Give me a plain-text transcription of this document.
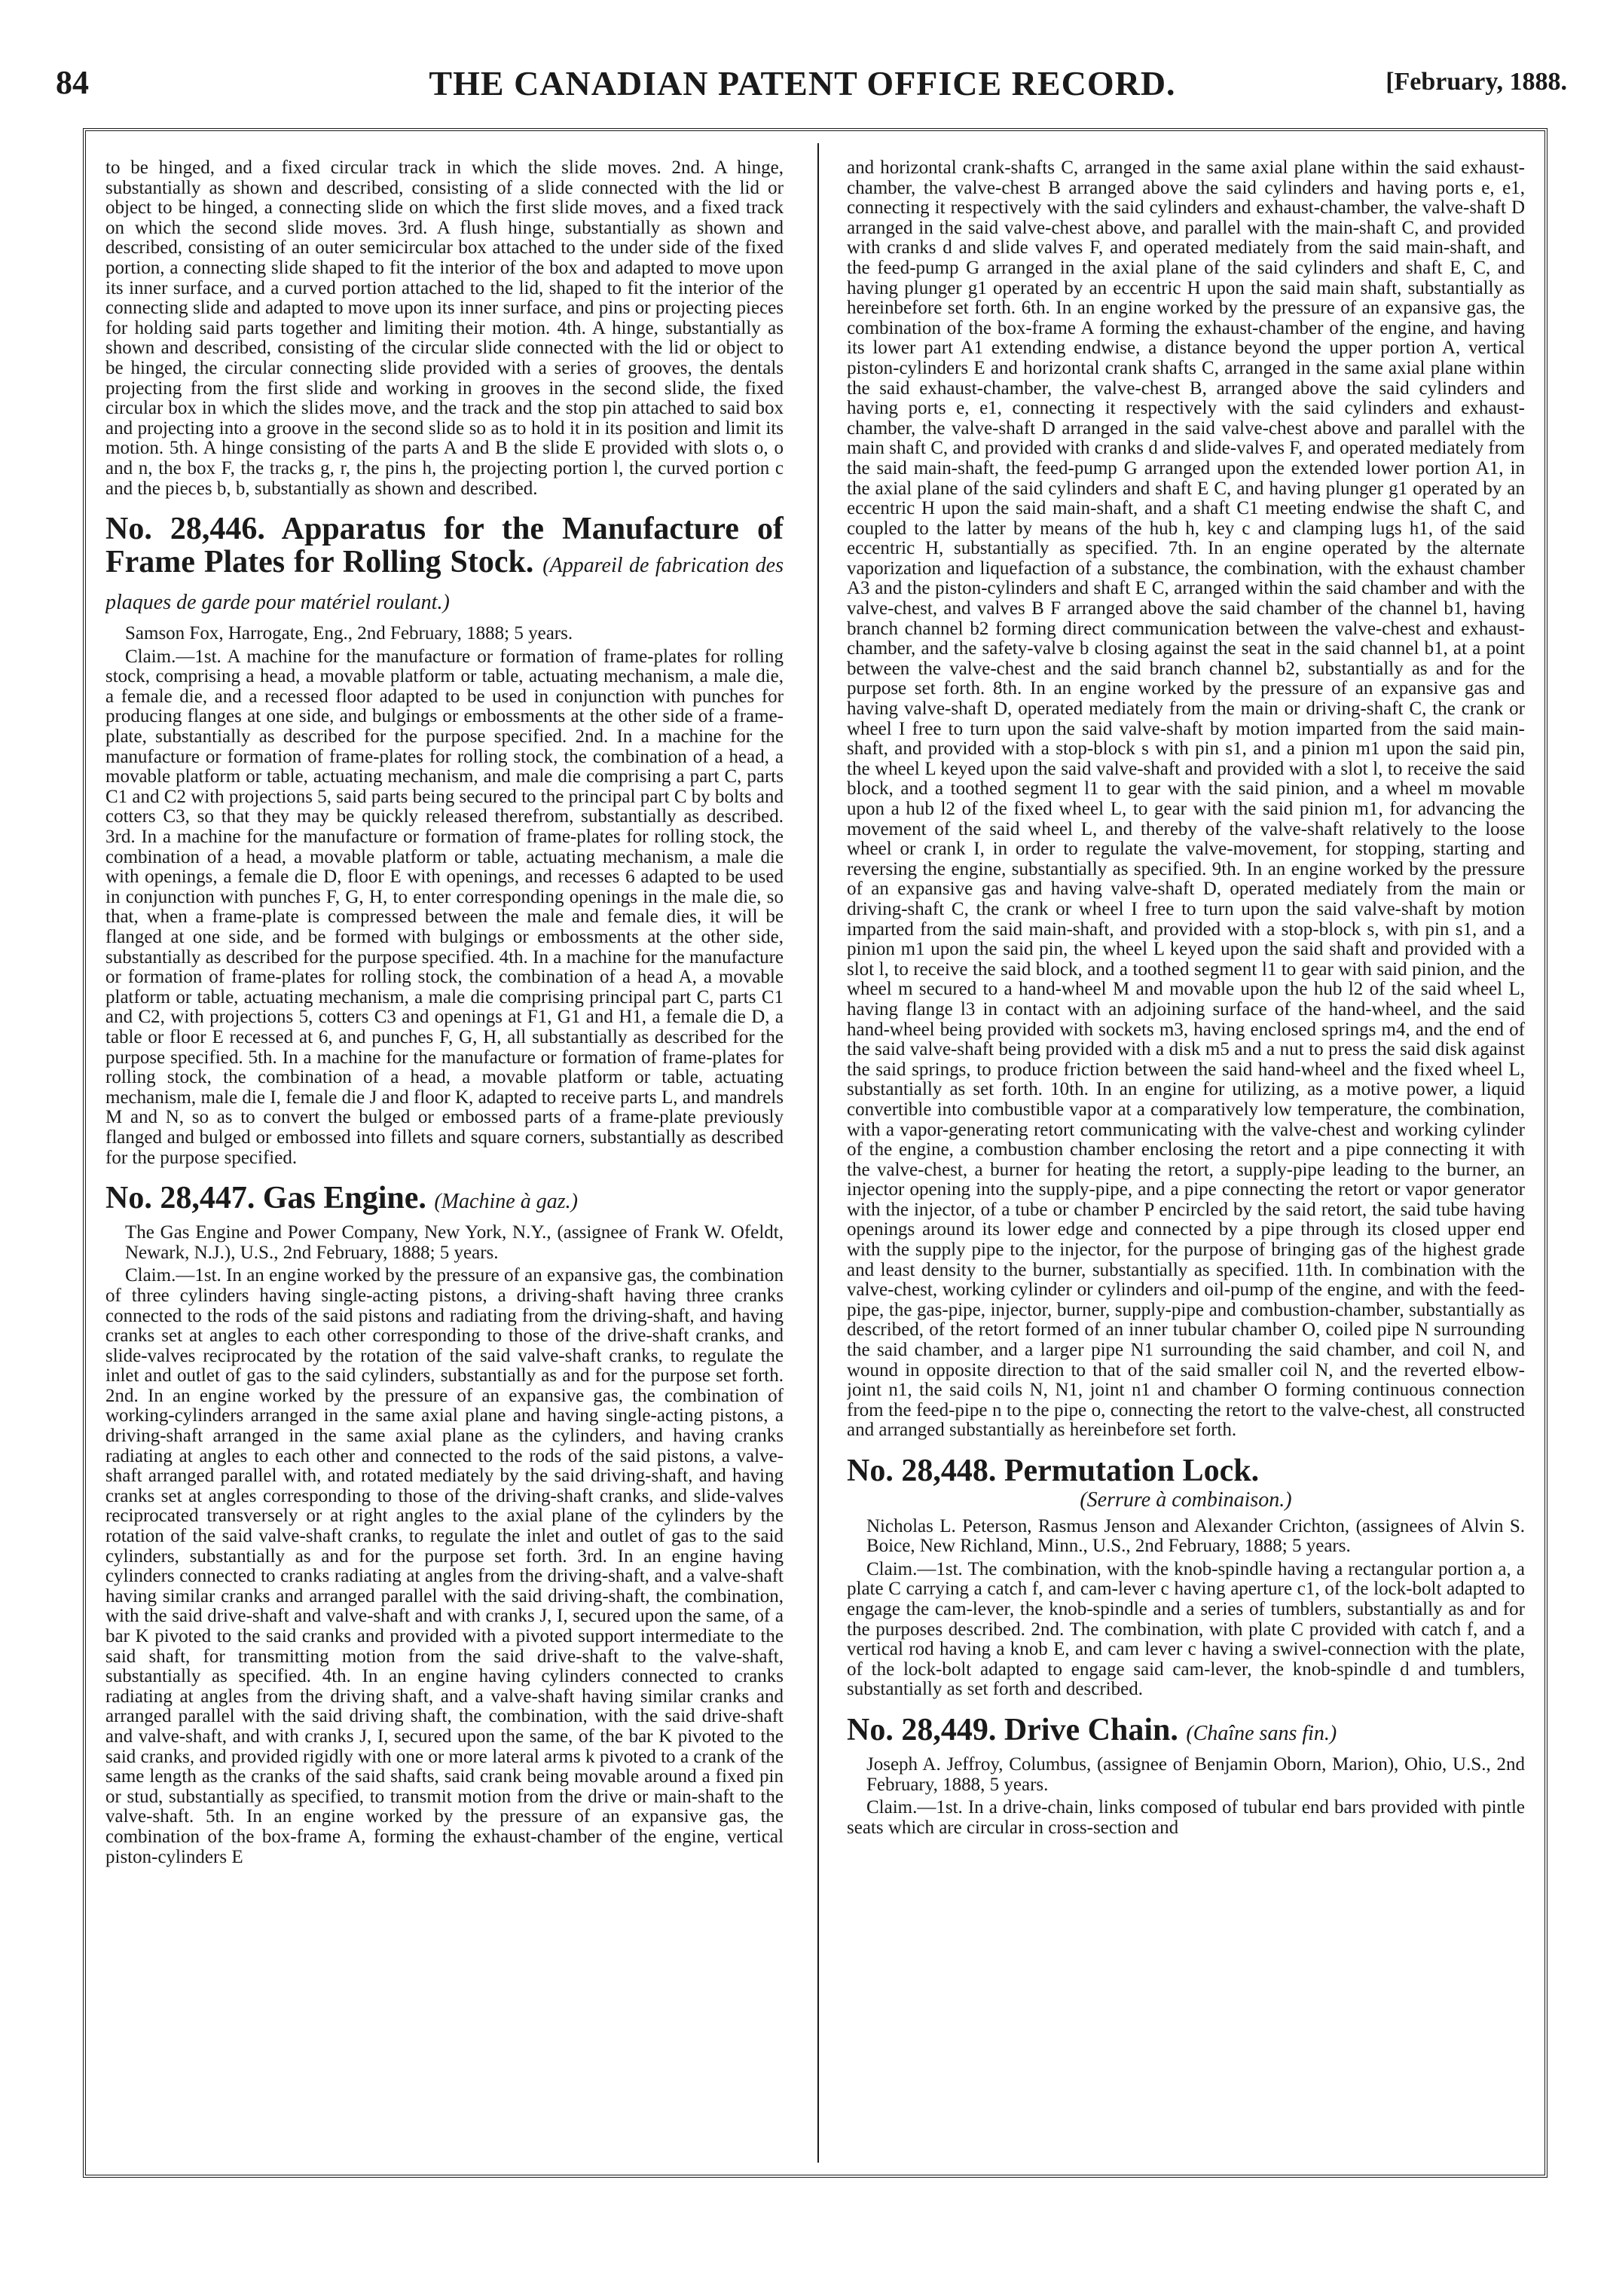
84	THE CANADIAN PATENT OFFICE RECORD.	[February, 1888.

to be hinged, and a fixed circular track in which the slide moves. 2nd. A hinge, substantially as shown and described, consisting of a slide connected with the lid or object to be hinged, a connecting slide on which the first slide moves, and a fixed track on which the second slide moves. 3rd. A flush hinge, substantially as shown and described, consisting of an outer semicircular box attached to the under side of the fixed portion, a connecting slide shaped to fit the interior of the box and adapted to move upon its inner surface, and a curved portion attached to the lid, shaped to fit the interior of the connecting slide and adapted to move upon its inner surface, and pins or projecting pieces for holding said parts together and limiting their motion. 4th. A hinge, substantially as shown and described, consisting of the circular slide connected with the lid or object to be hinged, the circular connecting slide provided with a series of grooves, the dentals projecting from the first slide and working in grooves in the second slide, the fixed circular box in which the slides move, and the track and the stop pin attached to said box and projecting into a groove in the second slide so as to hold it in its position and limit its motion. 5th. A hinge consisting of the parts A and B the slide E provided with slots o, o and n, the box F, the tracks g, r, the pins h, the projecting portion l, the curved portion c and the pieces b, b, substantially as shown and described.

No. 28,446. Apparatus for the Manufacture of Frame Plates for Rolling Stock. (Appareil de fabrication des plaques de garde pour matériel roulant.)

Samson Fox, Harrogate, Eng., 2nd February, 1888; 5 years.

Claim.—1st. A machine for the manufacture or formation of frame-plates for rolling stock, comprising a head, a movable platform or table, actuating mechanism, a male die, a female die, and a recessed floor adapted to be used in conjunction with punches for producing flanges at one side, and bulgings or embossments at the other side of a frame-plate, substantially as described for the purpose specified. 2nd. In a machine for the manufacture or formation of frame-plates for rolling stock, the combination of a head, a movable platform or table, actuating mechanism, and male die comprising a part C, parts C1 and C2 with projections 5, said parts being secured to the principal part C by bolts and cotters C3, so that they may be quickly released therefrom, substantially as described. 3rd. In a machine for the manufacture or formation of frame-plates for rolling stock, the combination of a head, a movable platform or table, actuating mechanism, a male die with openings, a female die D, floor E with openings, and recesses 6 adapted to be used in conjunction with punches F, G, H, to enter corresponding openings in the male die, so that, when a frame-plate is compressed between the male and female dies, it will be flanged at one side, and be formed with bulgings or embossments at the other side, substantially as described for the purpose specified. 4th. In a machine for the manufacture or formation of frame-plates for rolling stock, the combination of a head A, a movable platform or table, actuating mechanism, a male die comprising principal part C, parts C1 and C2, with projections 5, cotters C3 and openings at F1, G1 and H1, a female die D, a table or floor E recessed at 6, and punches F, G, H, all substantially as described for the purpose specified. 5th. In a machine for the manufacture or formation of frame-plates for rolling stock, the combination of a head, a movable platform or table, actuating mechanism, male die I, female die J and floor K, adapted to receive parts L, and mandrels M and N, so as to convert the bulged or embossed parts of a frame-plate previously flanged and bulged or embossed into fillets and square corners, substantially as described for the purpose specified.

No. 28,447. Gas Engine. (Machine à gaz.)

The Gas Engine and Power Company, New York, N.Y., (assignee of Frank W. Ofeldt, Newark, N.J.), U.S., 2nd February, 1888; 5 years.

Claim.—1st. In an engine worked by the pressure of an expansive gas, the combination of three cylinders having single-acting pistons, a driving-shaft having three cranks connected to the rods of the said pistons and radiating from the driving-shaft, and having cranks set at angles to each other corresponding to those of the drive-shaft cranks, and slide-valves reciprocated by the rotation of the said valve-shaft cranks, to regulate the inlet and outlet of gas to the said cylinders, substantially as and for the purpose set forth. 2nd. In an engine worked by the pressure of an expansive gas, the combination of working-cylinders arranged in the same axial plane and having single-acting pistons, a driving-shaft arranged in the same axial plane as the cylinders, and having cranks radiating at angles to each other and connected to the rods of the said pistons, a valve-shaft arranged parallel with, and rotated mediately by the said driving-shaft, and having cranks set at angles corresponding to those of the driving-shaft cranks, and slide-valves reciprocated transversely or at right angles to the axial plane of the cylinders by the rotation of the said valve-shaft cranks, to regulate the inlet and outlet of gas to the said cylinders, substantially as and for the purpose set forth. 3rd. In an engine having cylinders connected to cranks radiating at angles from the driving-shaft, and a valve-shaft having similar cranks and arranged parallel with the said driving-shaft, the combination, with the said drive-shaft and valve-shaft and with cranks J, I, secured upon the same, of a bar K pivoted to the said cranks and provided with a pivoted support intermediate to the said shaft, for transmitting motion from the said drive-shaft to the valve-shaft, substantially as specified. 4th. In an engine having cylinders connected to cranks radiating at angles from the driving shaft, and a valve-shaft having similar cranks and arranged parallel with the said driving shaft, the combination, with the said drive-shaft and valve-shaft, and with cranks J, I, secured upon the same, of the bar K pivoted to the said cranks, and provided rigidly with one or more lateral arms k pivoted to a crank of the same length as the cranks of the said shafts, said crank being movable around a fixed pin or stud, substantially as specified, to transmit motion from the drive or main-shaft to the valve-shaft. 5th. In an engine worked by the pressure of an expansive gas, the combination of the box-frame A, forming the exhaust-chamber of the engine, vertical piston-cylinders E

and horizontal crank-shafts C, arranged in the same axial plane within the said exhaust-chamber, the valve-chest B arranged above the said cylinders and having ports e, e1, connecting it respectively with the said cylinders and exhaust-chamber, the valve-shaft D arranged in the said valve-chest above, and parallel with the main-shaft C, and provided with cranks d and slide valves F, and operated mediately from the said main-shaft, and the feed-pump G arranged in the axial plane of the said cylinders and shaft E, C, and having plunger g1 operated by an eccentric H upon the said main shaft, substantially as hereinbefore set forth. 6th. In an engine worked by the pressure of an expansive gas, the combination of the box-frame A forming the exhaust-chamber of the engine, and having its lower part A1 extending endwise, a distance beyond the upper portion A, vertical piston-cylinders E and horizontal crank shafts C, arranged in the same axial plane within the said exhaust-chamber, the valve-chest B, arranged above the said cylinders and having ports e, e1, connecting it respectively with the said cylinders and exhaust-chamber, the valve-shaft D arranged in the said valve-chest above and parallel with the main shaft C, and provided with cranks d and slide-valves F, and operated mediately from the said main-shaft, the feed-pump G arranged upon the extended lower portion A1, in the axial plane of the said cylinders and shaft E C, and having plunger g1 operated by an eccentric H upon the said main-shaft, and a shaft C1 meeting endwise the shaft C, and coupled to the latter by means of the hub h, key c and clamping lugs h1, of the said eccentric H, substantially as specified. 7th. In an engine operated by the alternate vaporization and liquefaction of a substance, the combination, with the exhaust chamber A3 and the piston-cylinders and shaft E C, arranged within the said chamber and with the valve-chest, and valves B F arranged above the said chamber of the channel b1, having branch channel b2 forming direct communication between the valve-chest and exhaust-chamber, and the safety-valve b closing against the seat in the said channel b1, at a point between the valve-chest and the said branch channel b2, substantially as and for the purpose set forth. 8th. In an engine worked by the pressure of an expansive gas and having valve-shaft D, operated mediately from the main or driving-shaft C, the crank or wheel I free to turn upon the said valve-shaft by motion imparted from the said main-shaft, and provided with a stop-block s with pin s1, and a pinion m1 upon the said pin, the wheel L keyed upon the said valve-shaft and provided with a slot l, to receive the said block, and a toothed segment l1 to gear with the said pinion, and a wheel m movable upon a hub l2 of the fixed wheel L, to gear with the said pinion m1, for advancing the movement of the said wheel L, and thereby of the valve-shaft relatively to the loose wheel or crank I, in order to regulate the valve-movement, for stopping, starting and reversing the engine, substantially as specified. 9th. In an engine worked by the pressure of an expansive gas and having valve-shaft D, operated mediately from the main or driving-shaft C, the crank or wheel I free to turn upon the said valve-shaft by motion imparted from the said main-shaft, and provided with a stop-block s, with pin s1, and a pinion m1 upon the said pin, the wheel L keyed upon the said shaft and provided with a slot l, to receive the said block, and a toothed segment l1 to gear with said pinion, and the wheel m secured to a hand-wheel M and movable upon the hub l2 of the said wheel L, having flange l3 in contact with an adjoining surface of the hand-wheel, and the said hand-wheel being provided with sockets m3, having enclosed springs m4, and the end of the said valve-shaft being provided with a disk m5 and a nut to press the said disk against the said springs, to produce friction between the said hand-wheel and the fixed wheel L, substantially as set forth. 10th. In an engine for utilizing, as a motive power, a liquid convertible into combustible vapor at a comparatively low temperature, the combination, with a vapor-generating retort communicating with the valve-chest and working cylinder of the engine, a combustion chamber enclosing the retort and a pipe connecting it with the valve-chest, a burner for heating the retort, a supply-pipe leading to the burner, an injector opening into the supply-pipe, and a pipe connecting the retort or vapor generator with the injector, of a tube or chamber P encircled by the said retort, the said tube having openings around its lower edge and connected by a pipe through its closed upper end with the supply pipe to the injector, for the purpose of bringing gas of the highest grade and least density to the burner, substantially as specified. 11th. In combination with the valve-chest, working cylinder or cylinders and oil-pump of the engine, and with the feed-pipe, the gas-pipe, injector, burner, supply-pipe and combustion-chamber, substantially as described, of the retort formed of an inner tubular chamber O, coiled pipe N surrounding the said chamber, and a larger pipe N1 surrounding the said chamber, and coil N, and wound in opposite direction to that of the said smaller coil N, and the reverted elbow-joint n1, the said coils N, N1, joint n1 and chamber O forming continuous connection from the feed-pipe n to the pipe o, connecting the retort to the valve-chest, all constructed and arranged substantially as hereinbefore set forth.

No. 28,448. Permutation Lock.

(Serrure à combinaison.)

Nicholas L. Peterson, Rasmus Jenson and Alexander Crichton, (assignees of Alvin S. Boice, New Richland, Minn., U.S., 2nd February, 1888; 5 years.

Claim.—1st. The combination, with the knob-spindle having a rectangular portion a, a plate C carrying a catch f, and cam-lever c having aperture c1, of the lock-bolt adapted to engage the cam-lever, the knob-spindle and a series of tumblers, substantially as and for the purposes described. 2nd. The combination, with plate C provided with catch f, and a vertical rod having a knob E, and cam lever c having a swivel-connection with the plate, of the lock-bolt adapted to engage said cam-lever, the knob-spindle d and tumblers, substantially as set forth and described.

No. 28,449. Drive Chain. (Chaîne sans fin.)

Joseph A. Jeffroy, Columbus, (assignee of Benjamin Oborn, Marion), Ohio, U.S., 2nd February, 1888, 5 years.

Claim.—1st. In a drive-chain, links composed of tubular end bars provided with pintle seats which are circular in cross-section and
